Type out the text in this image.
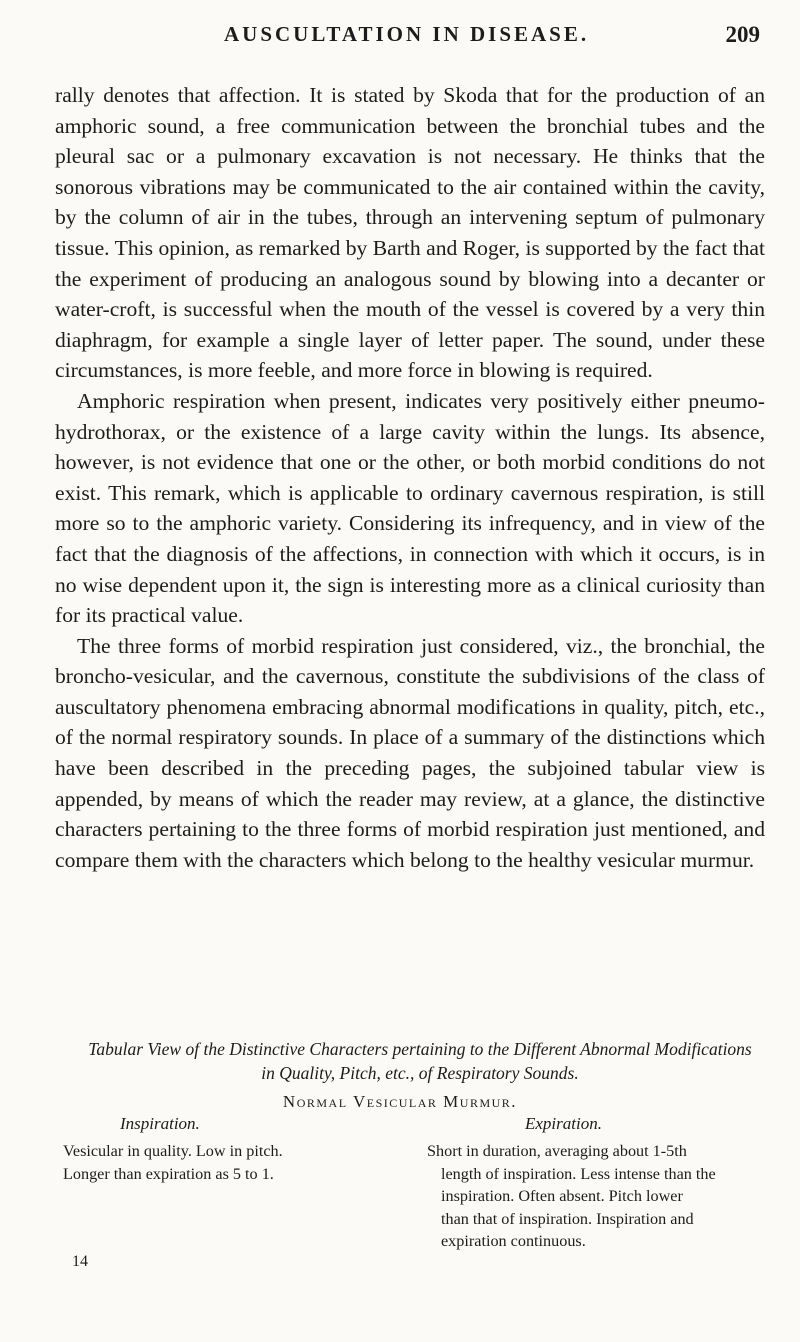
AUSCULTATION IN DISEASE.	209

rally denotes that affection. It is stated by Skoda that for the production of an amphoric sound, a free communication between the bronchial tubes and the pleural sac or a pulmonary excavation is not necessary. He thinks that the sonorous vibrations may be communicated to the air contained within the cavity, by the column of air in the tubes, through an intervening septum of pulmonary tissue. This opinion, as remarked by Barth and Roger, is supported by the fact that the experiment of producing an analogous sound by blowing into a decanter or water-croft, is successful when the mouth of the vessel is covered by a very thin diaphragm, for example a single layer of letter paper. The sound, under these circumstances, is more feeble, and more force in blowing is required.

Amphoric respiration when present, indicates very positively either pneumo-hydrothorax, or the existence of a large cavity within the lungs. Its absence, however, is not evidence that one or the other, or both morbid conditions do not exist. This remark, which is applicable to ordinary cavernous respiration, is still more so to the amphoric variety. Considering its infrequency, and in view of the fact that the diagnosis of the affections, in connection with which it occurs, is in no wise dependent upon it, the sign is interesting more as a clinical curiosity than for its practical value.

The three forms of morbid respiration just considered, viz., the bronchial, the broncho-vesicular, and the cavernous, constitute the subdivisions of the class of auscultatory phenomena embracing abnormal modifications in quality, pitch, etc., of the normal respiratory sounds. In place of a summary of the distinctions which have been described in the preceding pages, the subjoined tabular view is appended, by means of which the reader may review, at a glance, the distinctive characters pertaining to the three forms of morbid respiration just mentioned, and compare them with the characters which belong to the healthy vesicular murmur.

Tabular View of the Distinctive Characters pertaining to the Different Abnormal Modifications in Quality, Pitch, etc., of Respiratory Sounds.
Normal Vesicular Murmur.
Inspiration.	Expiration.
Vesicular in quality. Low in pitch.
Longer than expiration as 5 to 1.
Short in duration, averaging about 1-5th
length of inspiration. Less intense than the
inspiration. Often absent. Pitch lower
than that of inspiration. Inspiration and
expiration continuous.
14
